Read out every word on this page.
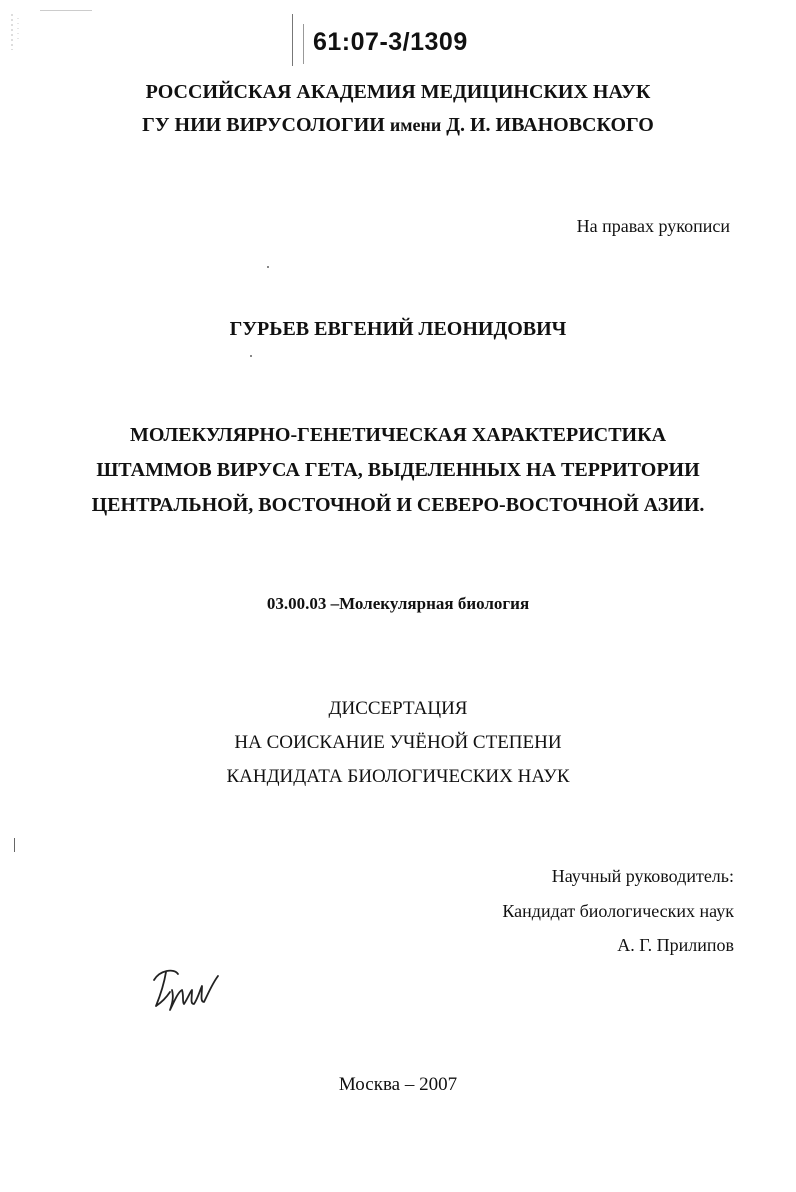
61:07-3/1309
РОССИЙСКАЯ АКАДЕМИЯ МЕДИЦИНСКИХ НАУК
ГУ НИИ ВИРУСОЛОГИИ имени Д. И. ИВАНОВСКОГО
На правах рукописи
ГУРЬЕВ ЕВГЕНИЙ ЛЕОНИДОВИЧ
МОЛЕКУЛЯРНО-ГЕНЕТИЧЕСКАЯ ХАРАКТЕРИСТИКА
ШТАММОВ ВИРУСА ГЕТА, ВЫДЕЛЕННЫХ НА ТЕРРИТОРИИ
ЦЕНТРАЛЬНОЙ, ВОСТОЧНОЙ И СЕВЕРО-ВОСТОЧНОЙ АЗИИ.
03.00.03 –Молекулярная биология
ДИССЕРТАЦИЯ
НА СОИСКАНИЕ УЧЁНОЙ СТЕПЕНИ
КАНДИДАТА БИОЛОГИЧЕСКИХ НАУК
Научный руководитель:
Кандидат биологических наук
А. Г. Прилипов
Москва – 2007
